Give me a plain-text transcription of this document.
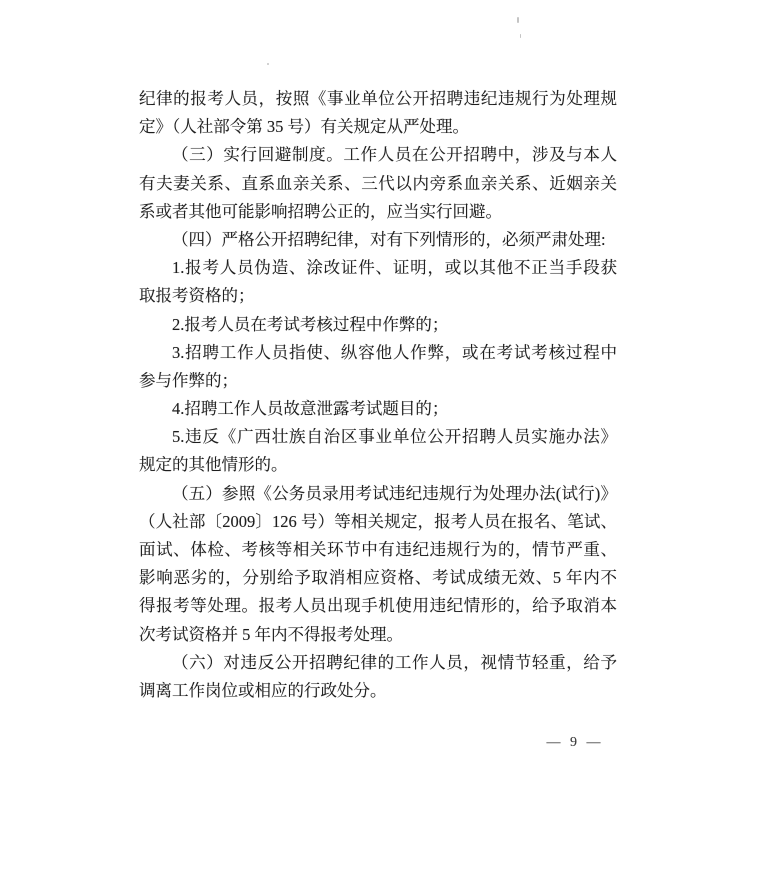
纪律的报考人员，按照《事业单位公开招聘违纪违规行为处理规
定》（人社部令第 35 号）有关规定从严处理。
（三）实行回避制度。工作人员在公开招聘中，涉及与本人
有夫妻关系、直系血亲关系、三代以内旁系血亲关系、近姻亲关
系或者其他可能影响招聘公正的，应当实行回避。
（四）严格公开招聘纪律，对有下列情形的，必须严肃处理:
1.报考人员伪造、涂改证件、证明，或以其他不正当手段获
取报考资格的；
2.报考人员在考试考核过程中作弊的；
3.招聘工作人员指使、纵容他人作弊，或在考试考核过程中
参与作弊的；
4.招聘工作人员故意泄露考试题目的；
5.违反《广西壮族自治区事业单位公开招聘人员实施办法》
规定的其他情形的。
（五）参照《公务员录用考试违纪违规行为处理办法(试行)》
（人社部〔2009〕126 号）等相关规定，报考人员在报名、笔试、
面试、体检、考核等相关环节中有违纪违规行为的，情节严重、
影响恶劣的，分别给予取消相应资格、考试成绩无效、5 年内不
得报考等处理。报考人员出现手机使用违纪情形的，给予取消本
次考试资格并 5 年内不得报考处理。
（六）对违反公开招聘纪律的工作人员，视情节轻重，给予
调离工作岗位或相应的行政处分。
— 9 —
